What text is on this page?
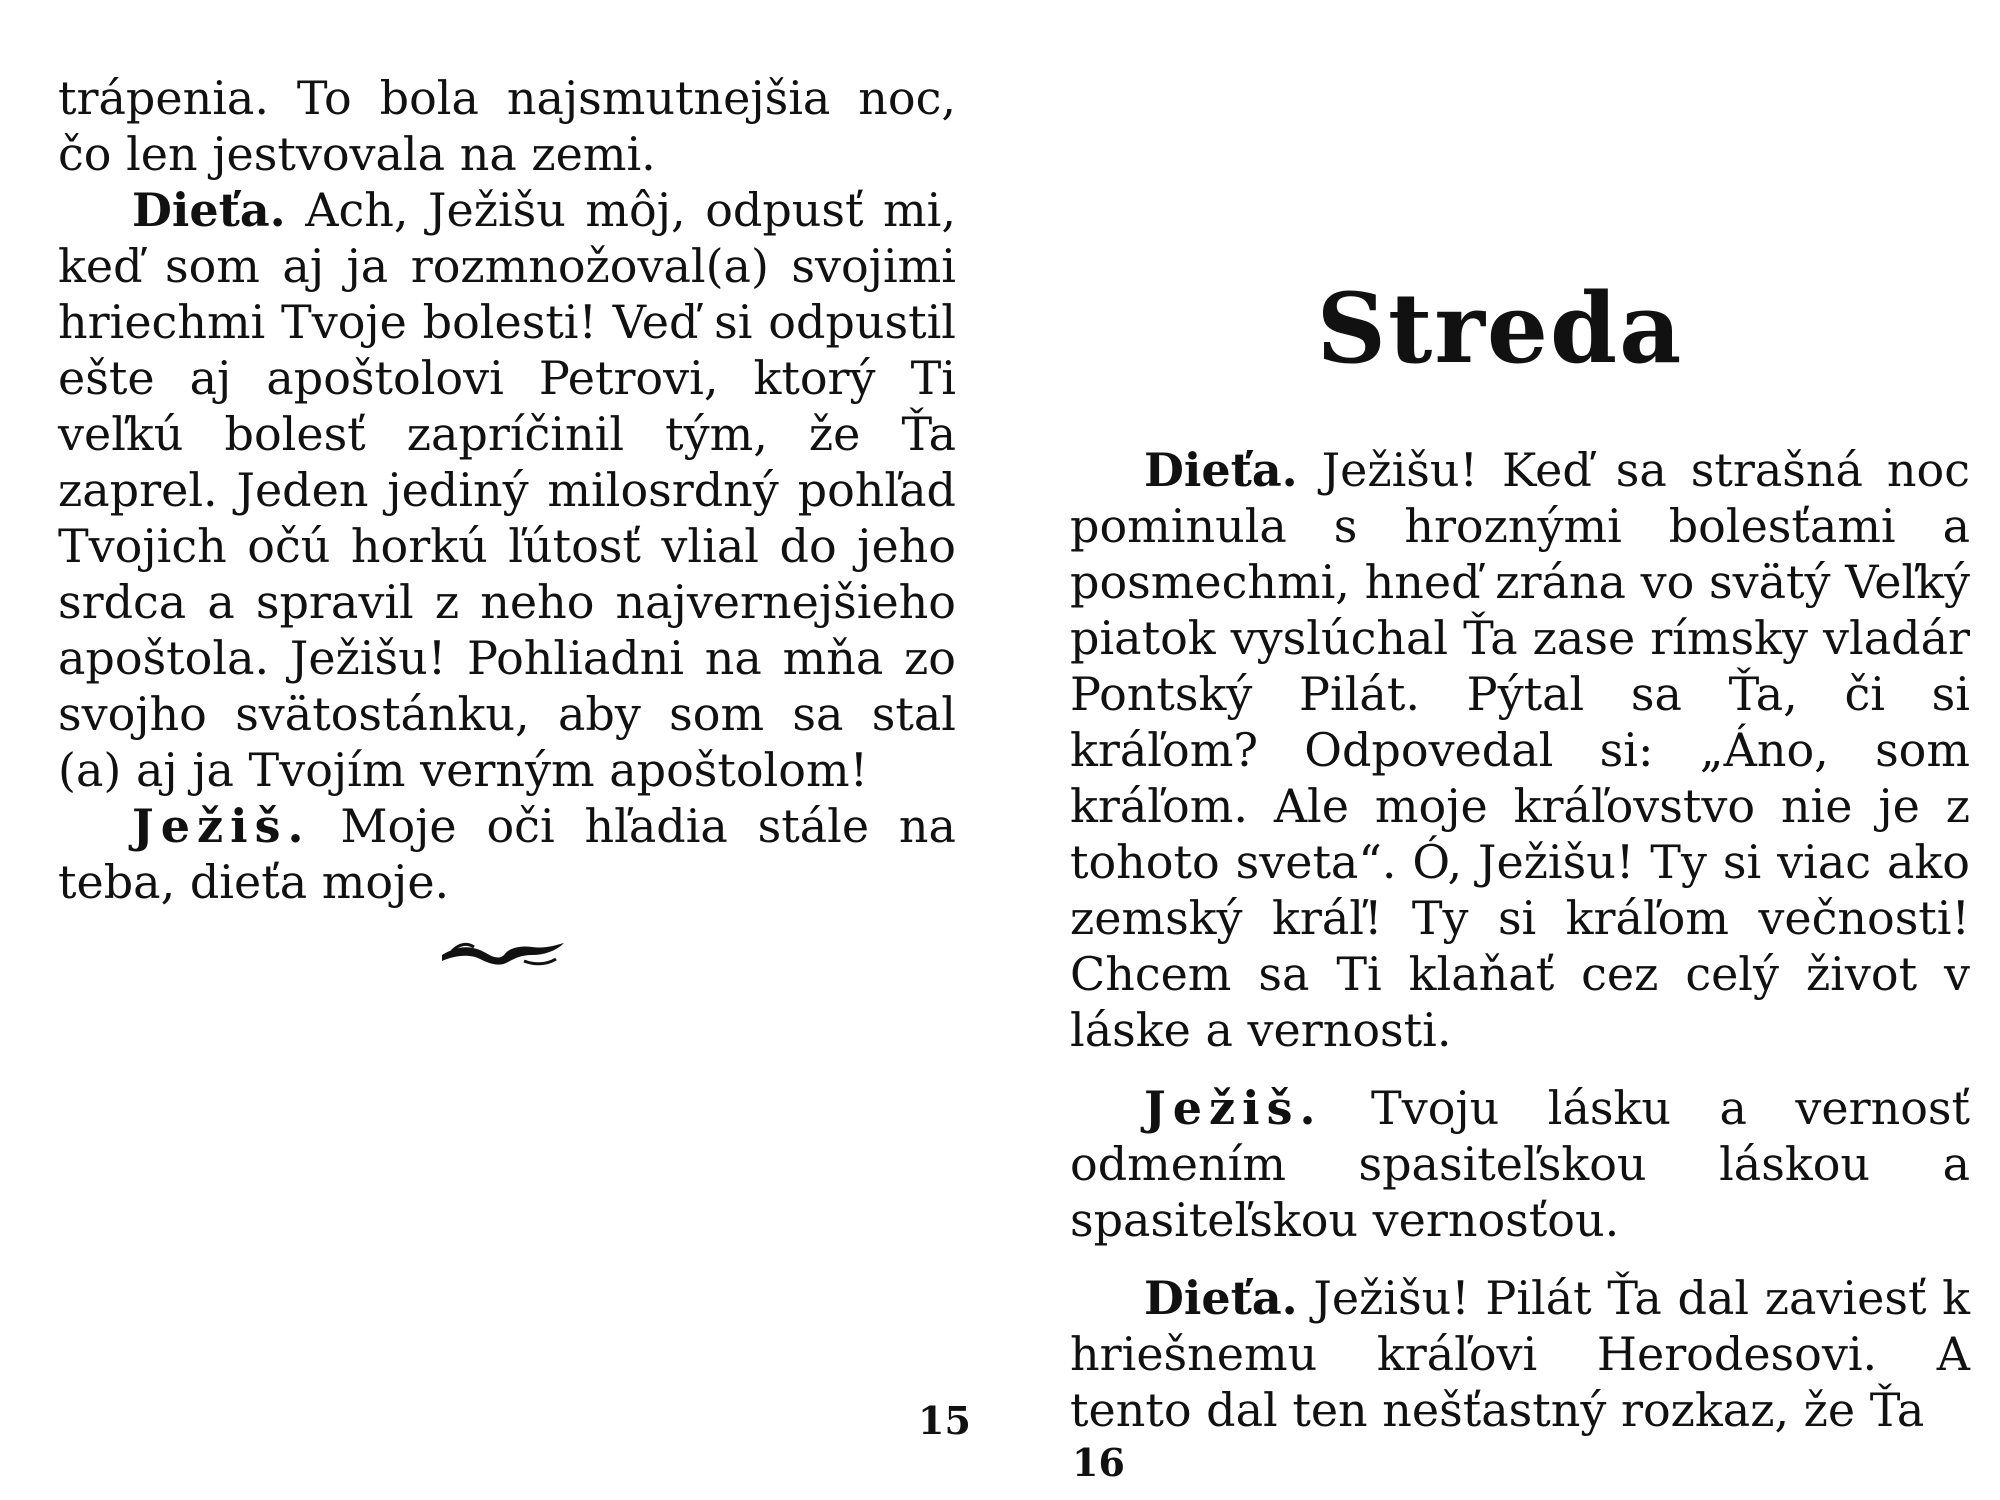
trápenia. To bola najsmutnejšia noc, čo len jestvovala na zemi.

Dieťa. Ach, Ježišu môj, odpusť mi, keď som aj ja rozmnožoval(a) svojimi hriechmi Tvoje bolesti! Veď si odpustil ešte aj apoštolovi Petrovi, ktorý Ti veľkú bolesť zapríčinil tým, že Ťa zaprel. Jeden jediný milosrdný pohľad Tvojich očú horkú ľútosť vlial do jeho srdca a spravil z neho najvernejšieho apoštola. Ježišu! Pohliadni na mňa zo svojho svätostánku, aby som sa stal (a) aj ja Tvojím verným apoštolom!

Ježiš. Moje oči hľadia stále na teba, dieťa moje.

15
Streda

Dieťa. Ježišu! Keď sa strašná noc pominula s hroznými bolesťami a posmechmi, hneď zrána vo svätý Veľký piatok vyslúchal Ťa zase rímsky vladár Pontský Pilát. Pýtal sa Ťa, či si kráľom? Odpovedal si: „Áno, som kráľom. Ale moje kráľovstvo nie je z tohoto sveta“. Ó, Ježišu! Ty si viac ako zemský kráľ! Ty si kráľom večnosti! Chcem sa Ti klaňať cez celý život v láske a vernosti.

Ježiš. Tvoju lásku a vernosť odmením spasiteľskou láskou a spasiteľskou vernosťou.

Dieťa. Ježišu! Pilát Ťa dal zaviesť k hriešnemu kráľovi Herodesovi. A tento dal ten nešťastný rozkaz, že Ťa

16
